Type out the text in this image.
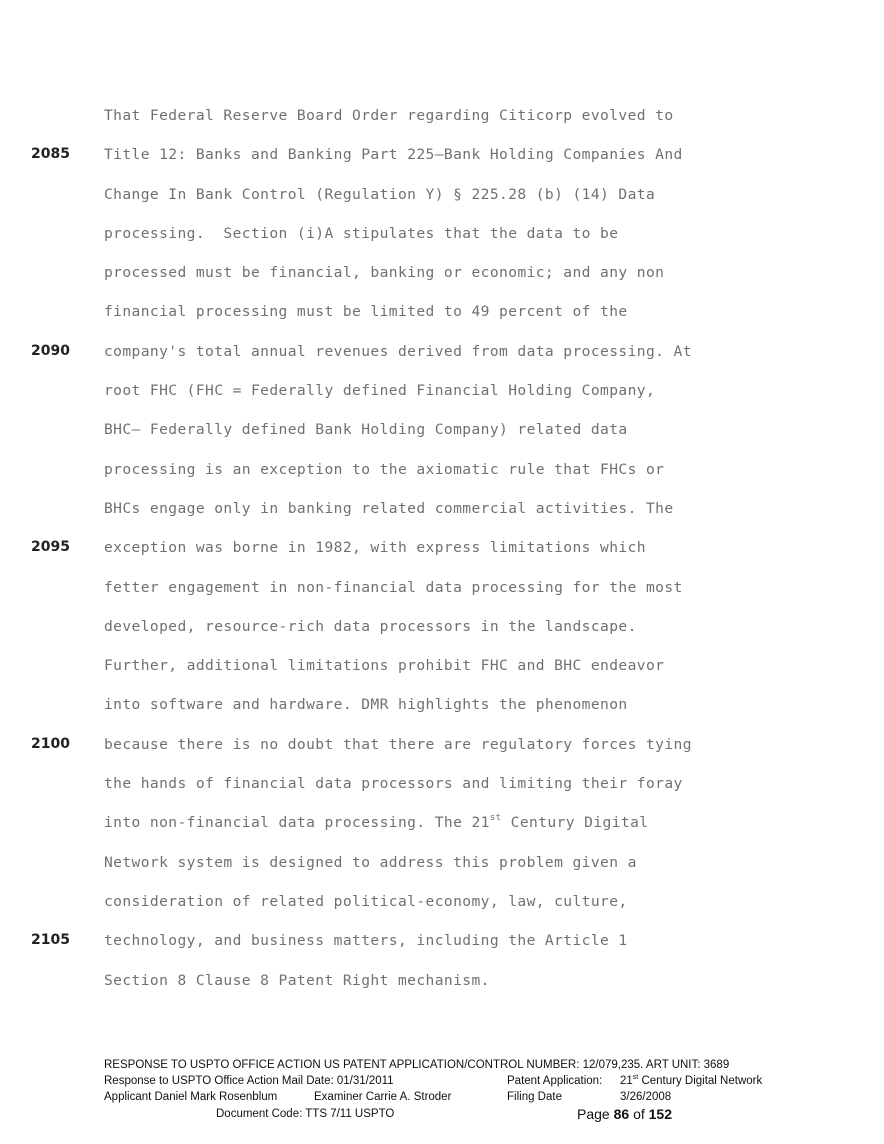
That Federal Reserve Board Order regarding Citicorp evolved to
2085	Title 12: Banks and Banking Part 225—Bank Holding Companies And
Change In Bank Control (Regulation Y) § 225.28 (b) (14) Data
processing.  Section (i)A stipulates that the data to be
processed must be financial, banking or economic; and any non
financial processing must be limited to 49 percent of the
2090	company's total annual revenues derived from data processing. At
root FHC (FHC = Federally defined Financial Holding Company,
BHC— Federally defined Bank Holding Company) related data
processing is an exception to the axiomatic rule that FHCs or
BHCs engage only in banking related commercial activities. The
2095	exception was borne in 1982, with express limitations which
fetter engagement in non-financial data processing for the most
developed, resource-rich data processors in the landscape.
Further, additional limitations prohibit FHC and BHC endeavor
into software and hardware. DMR highlights the phenomenon
2100	because there is no doubt that there are regulatory forces tying
the hands of financial data processors and limiting their foray
into non-financial data processing. The 21st Century Digital
Network system is designed to address this problem given a
consideration of related political-economy, law, culture,
2105	technology, and business matters, including the Article 1
Section 8 Clause 8 Patent Right mechanism.
RESPONSE TO USPTO OFFICE ACTION US PATENT APPLICATION/CONTROL NUMBER: 12/079,235. ART UNIT: 3689
Response to USPTO Office Action Mail Date: 01/31/2011	Patent Application: 21st Century Digital Network
Applicant Daniel Mark Rosenblum	Examiner Carrie A. Stroder	Filing Date	3/26/2008
Document Code: TTS 7/11 USPTO	Page 86 of 152
